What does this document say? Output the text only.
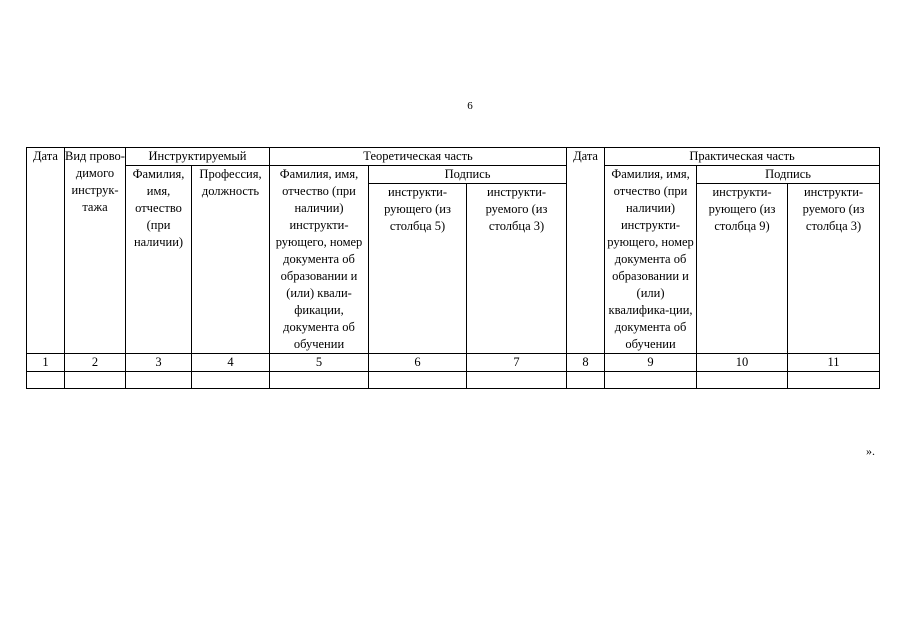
6
Дата	Вид прово-димого инструк-тажа	Инструктируемый		Теоретическая часть			Дата	Практическая часть		

		Фамилия, имя, отчество (при наличии)	Профессия, должность	Фамилия, имя, отчество (при наличии) инструкти-рующего, номер документа об образовании и (или) квали-фикации, документа об обучении	Подпись			Фамилия, имя, отчество (при наличии) инструкти-рующего, номер документа об образовании и (или) квалифика-ции, документа об обучении	Подпись	

					инструкти-рующего (из столбца 5)	инструкти-руемого (из столбца 3)			инструкти-рующего (из столбца 9)	инструкти-руемого (из столбца 3)

1	2	3	4	5	6	7	8	9	10	11

».
